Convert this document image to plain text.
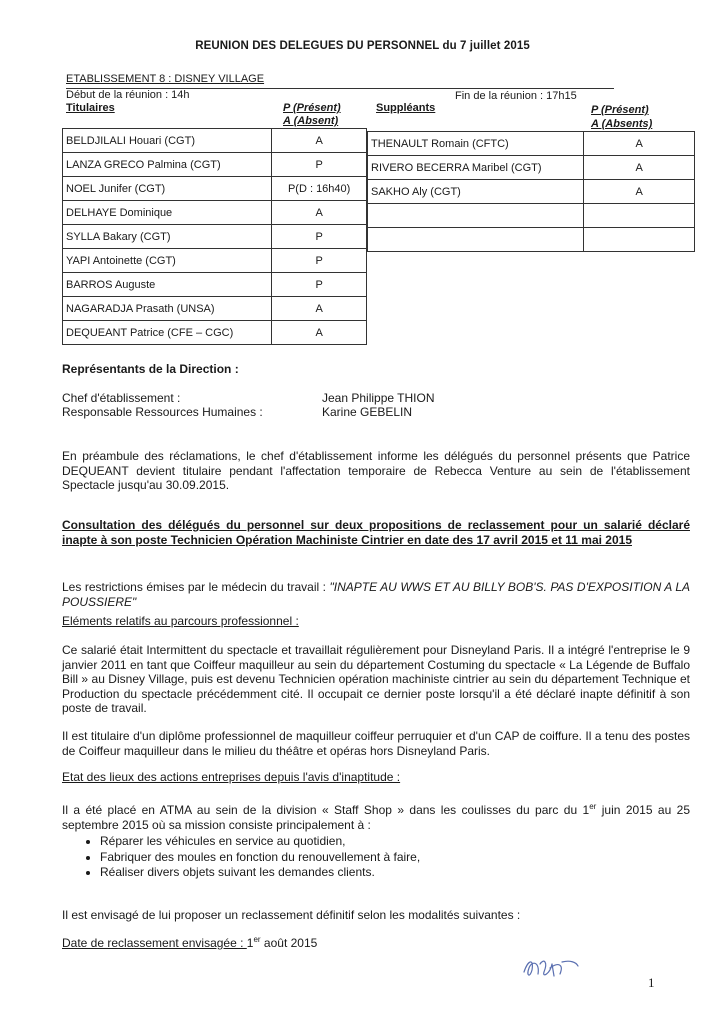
REUNION DES DELEGUES DU PERSONNEL du 7 juillet 2015
ETABLISSEMENT 8 : DISNEY VILLAGE
Début de la réunion : 14h	Fin de la réunion : 17h15
Titulaires	P (Présent)
A (Absent)
Suppléants	P (Présent)
A (Absents)
BELDJILALI Houari (CGT)	A
LANZA GRECO Palmina (CGT)	P
NOEL Junifer (CGT)	P(D : 16h40)
DELHAYE Dominique	A
SYLLA Bakary (CGT)	P
YAPI Antoinette (CGT)	P
BARROS Auguste	P
NAGARADJA Prasath (UNSA)	A
DEQUEANT Patrice (CFE – CGC)	A
THENAULT Romain (CFTC)	A
RIVERO BECERRA Maribel (CGT)	A
SAKHO Aly (CGT)	A

Représentants de la Direction :
Chef d'établissement :	Jean Philippe THION
Responsable Ressources Humaines :	Karine GEBELIN

En préambule des réclamations, le chef d'établissement informe les délégués du personnel présents que Patrice DEQUEANT devient titulaire pendant l'affectation temporaire de Rebecca Venture au sein de l'établissement Spectacle jusqu'au 30.09.2015.

Consultation des délégués du personnel sur deux propositions de reclassement pour un salarié déclaré inapte à son poste Technicien Opération Machiniste Cintrier en date des 17 avril 2015 et 11 mai 2015

Les restrictions émises par le médecin du travail : "INAPTE AU WWS ET AU BILLY BOB'S. PAS D'EXPOSITION A LA POUSSIERE"

Eléments relatifs au parcours professionnel :

Ce salarié était Intermittent du spectacle et travaillait régulièrement pour Disneyland Paris. Il a intégré l'entreprise le 9 janvier 2011 en tant que Coiffeur maquilleur au sein du département Costuming du spectacle « La Légende de Buffalo Bill » au Disney Village, puis est devenu Technicien opération machiniste cintrier au sein du département Technique et Production du spectacle précédemment cité. Il occupait ce dernier poste lorsqu'il a été déclaré inapte définitif à son poste de travail.

Il est titulaire d'un diplôme professionnel de maquilleur coiffeur perruquier et d'un CAP de coiffure. Il a tenu des postes de Coiffeur maquilleur dans le milieu du théâtre et opéras hors Disneyland Paris.

Etat des lieux des actions entreprises depuis l'avis d'inaptitude :

Il a été placé en ATMA au sein de la division « Staff Shop » dans les coulisses du parc du 1er juin 2015 au 25 septembre 2015 où sa mission consiste principalement à :

• Réparer les véhicules en service au quotidien,
• Fabriquer des moules en fonction du renouvellement à faire,
• Réaliser divers objets suivant les demandes clients.

Il est envisagé de lui proposer un reclassement définitif selon les modalités suivantes :

Date de reclassement envisagée : 1er août 2015
1
